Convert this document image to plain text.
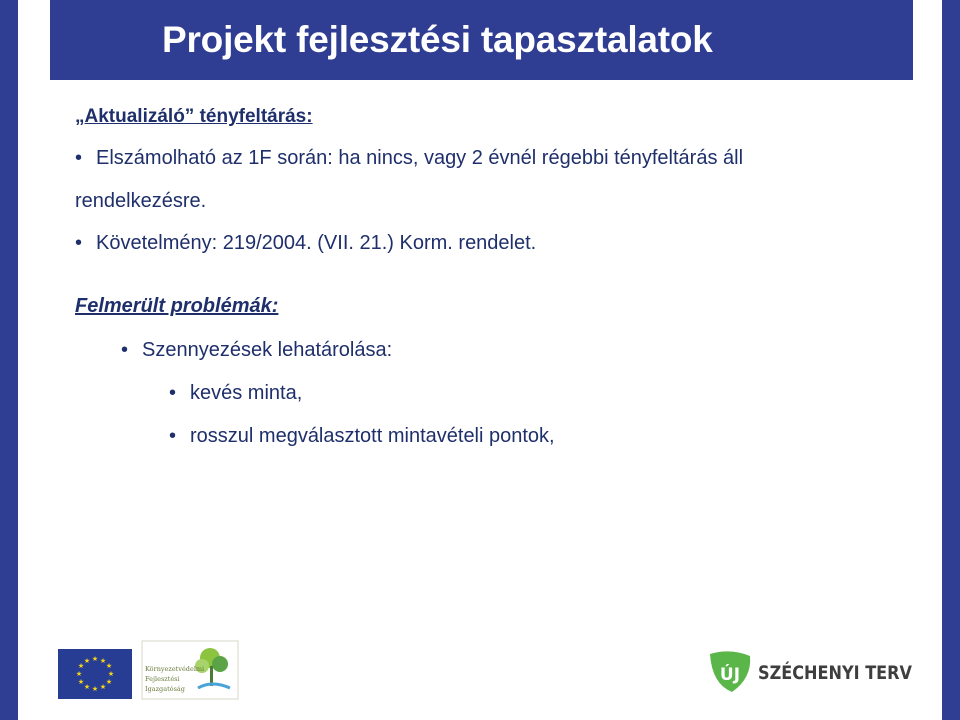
Projekt fejlesztési tapasztalatok

„Aktualizáló” tényfeltárás:

• Elszámolható az 1F során: ha nincs, vagy 2 évnél régebbi tényfeltárás áll

rendelkezésre.

• Követelmény: 219/2004. (VII. 21.) Korm. rendelet.

Felmerült problémák:

• Szennyezések lehatárolása:

• kevés minta,

• rosszul megválasztott mintavételi pontok,

★ ★
★
★
★
★
★
★
★
★
★
★
Környezetvédelmi
Fejlesztési
Igazgatóság
ÚJ SZÉCHENYI TERV
